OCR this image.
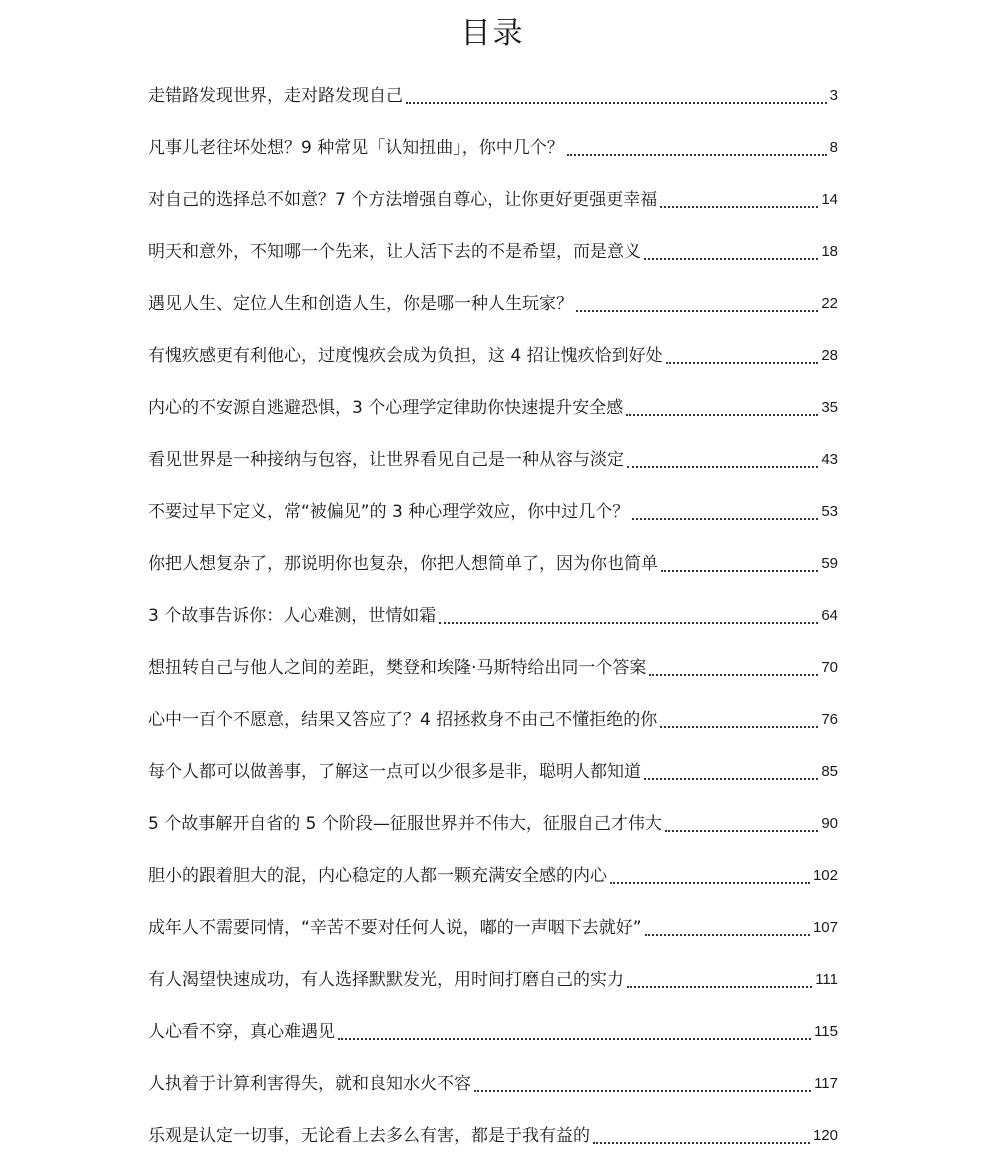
目录
走错路发现世界，走对路发现自己	3
凡事儿老往坏处想？9 种常见「认知扭曲」，你中几个？	8
对自己的选择总不如意？7 个方法增强自尊心，让你更好更强更幸福	14
明天和意外，不知哪一个先来，让人活下去的不是希望，而是意义	18
遇见人生、定位人生和创造人生，你是哪一种人生玩家？	22
有愧疚感更有利他心，过度愧疚会成为负担，这 4 招让愧疚恰到好处	28
内心的不安源自逃避恐惧，3 个心理学定律助你快速提升安全感	35
看见世界是一种接纳与包容，让世界看见自己是一种从容与淡定	43
不要过早下定义，常“被偏见”的 3 种心理学效应，你中过几个？	53
你把人想复杂了，那说明你也复杂，你把人想简单了，因为你也简单	59
3 个故事告诉你：人心难测，世情如霜	64
想扭转自己与他人之间的差距，樊登和埃隆·马斯特给出同一个答案	70
心中一百个不愿意，结果又答应了？4 招拯救身不由己不懂拒绝的你	76
每个人都可以做善事，了解这一点可以少很多是非，聪明人都知道	85
5 个故事解开自省的 5 个阶段—征服世界并不伟大，征服自己才伟大	90
胆小的跟着胆大的混，内心稳定的人都一颗充满安全感的内心	102
成年人不需要同情，“辛苦不要对任何人说，嘟的一声咽下去就好”	107
有人渴望快速成功，有人选择默默发光，用时间打磨自己的实力	111
人心看不穿，真心难遇见	115
人执着于计算利害得失，就和良知水火不容	117
乐观是认定一切事，无论看上去多么有害，都是于我有益的	120
